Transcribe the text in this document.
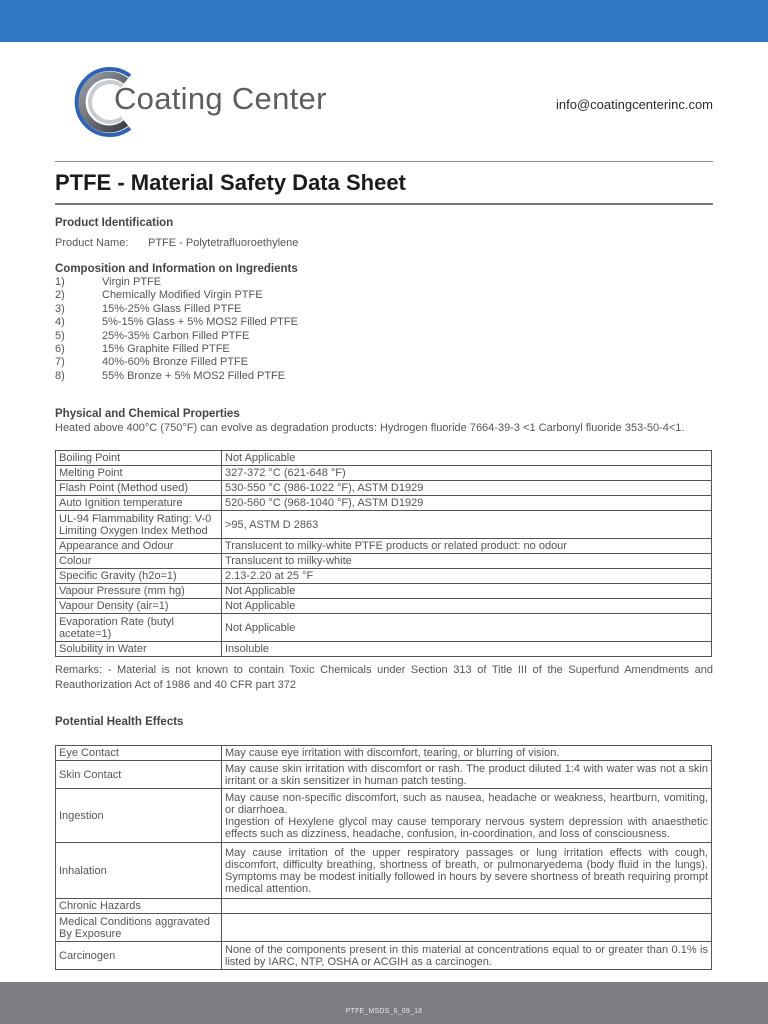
Coating Center	info@coatingcenterinc.com
PTFE - Material Safety Data Sheet
Product Identification
Product Name: PTFE - Polytetrafluoroethylene
Composition and Information on Ingredients
1)	Virgin PTFE
2)	Chemically Modified Virgin PTFE
3)	15%-25% Glass Filled PTFE
4)	5%-15% Glass + 5% MOS2 Filled PTFE
5)	25%-35% Carbon Filled PTFE
6)	15% Graphite Filled PTFE
7)	40%-60% Bronze Filled PTFE
8)	55% Bronze + 5% MOS2 Filled PTFE
Physical and Chemical Properties
Heated above 400°C (750°F) can evolve as degradation products: Hydrogen fluoride 7664-39-3 <1 Carbonyl fluoride 353-50-4<1.
Boiling Point	Not Applicable
Melting Point	327-372 °C (621-648 °F)
Flash Point (Method used)	530-550 °C (986-1022 °F), ASTM D1929
Auto Ignition temperature	520-560 °C (968-1040 °F), ASTM D1929
UL-94 Flammability Rating: V-0 Limiting Oxygen Index Method	>95, ASTM D 2863
Appearance and Odour	Translucent to milky-white PTFE products or related product: no odour
Colour	Translucent to milky-white
Specific Gravity (h2o=1)	2.13-2.20 at 25 °F
Vapour Pressure (mm hg)	Not Applicable
Vapour Density (air=1)	Not Applicable
Evaporation Rate (butyl acetate=1)	Not Applicable
Solubility in Water	Insoluble
Remarks: - Material is not known to contain Toxic Chemicals under Section 313 of Title III of the Superfund Amendments and Reauthorization Act of 1986 and 40 CFR part 372
Potential Health Effects
Eye Contact	May cause eye irritation with discomfort, tearing, or blurring of vision.
Skin Contact	May cause skin irritation with discomfort or rash. The product diluted 1:4 with water was not a skin irritant or a skin sensitizer in human patch testing.
Ingestion	May cause non-specific discomfort, such as nausea, headache or weakness, heartburn, vomiting, or diarrhoea.
Ingestion of Hexylene glycol may cause temporary nervous system depression with anaesthetic effects such as dizziness, headache, confusion, in-coordination, and loss of consciousness.
Inhalation	May cause irritation of the upper respiratory passages or lung irritation effects with cough, discomfort, difficulty breathing, shortness of breath, or pulmonaryedema (body fluid in the lungs). Symptoms may be modest initially followed in hours by severe shortness of breath requiring prompt medical attention.
Chronic Hazards	
Medical Conditions aggravated By Exposure	
Carcinogen	None of the components present in this material at concentrations equal to or greater than 0.1% is listed by IARC, NTP, OSHA or ACGIH as a carcinogen.
PTFE_MSDS_6_09_18
